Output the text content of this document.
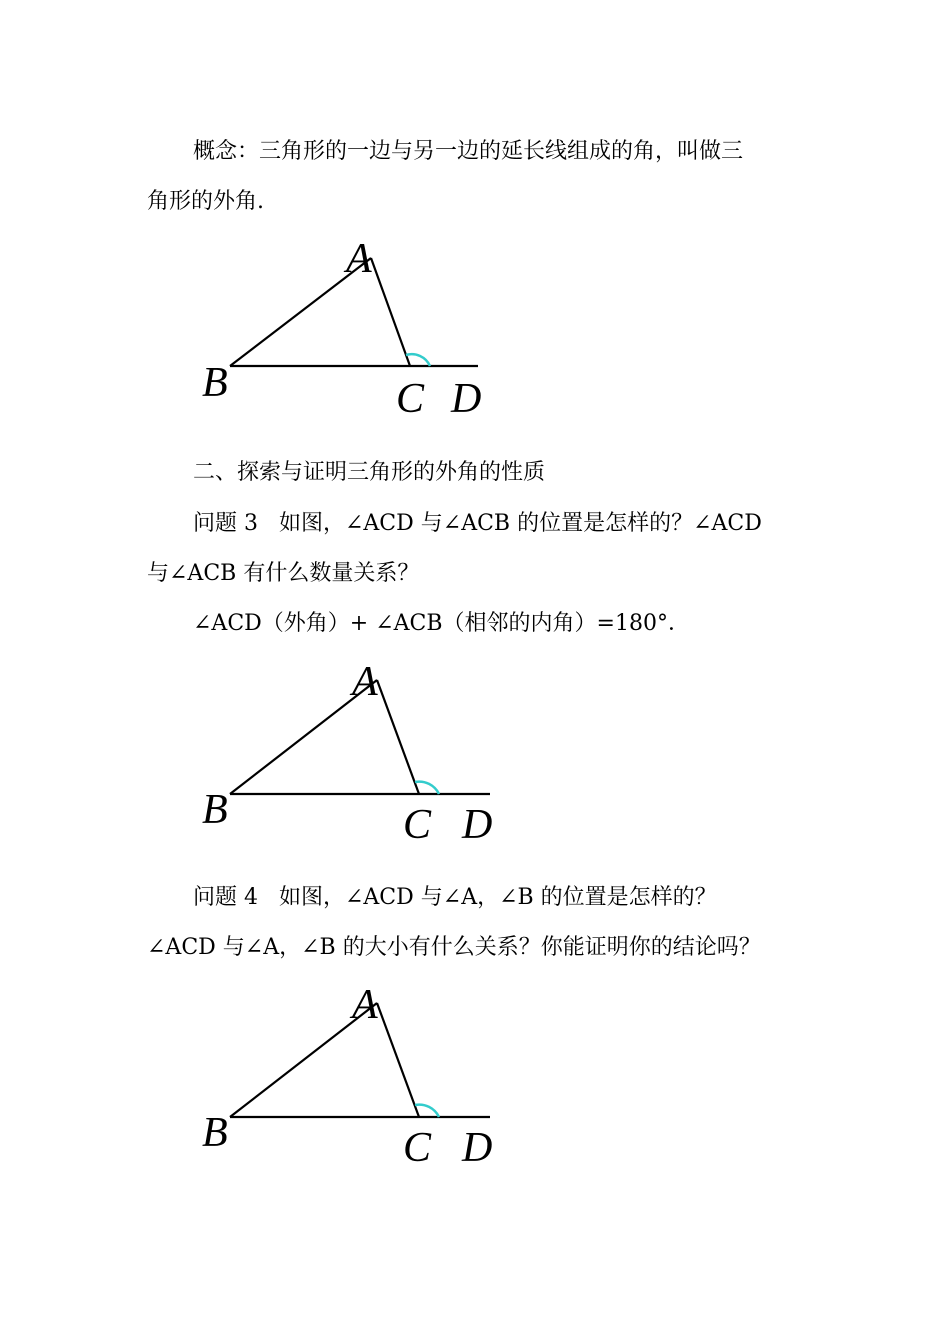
概念：三角形的一边与另一边的延长线组成的角，叫做三
角形的外角.
A
B	C D
二、探索与证明三角形的外角的性质
问题 3   如图，∠ACD 与∠ACB 的位置是怎样的？∠ACD
与∠ACB 有什么数量关系？
∠ACD（外角）+ ∠ACB（相邻的内角）=180°．
A
B	C D
问题 4   如图，∠ACD 与∠A，∠B 的位置是怎样的？
∠ACD 与∠A，∠B 的大小有什么关系？你能证明你的结论吗？
A
B	C D
